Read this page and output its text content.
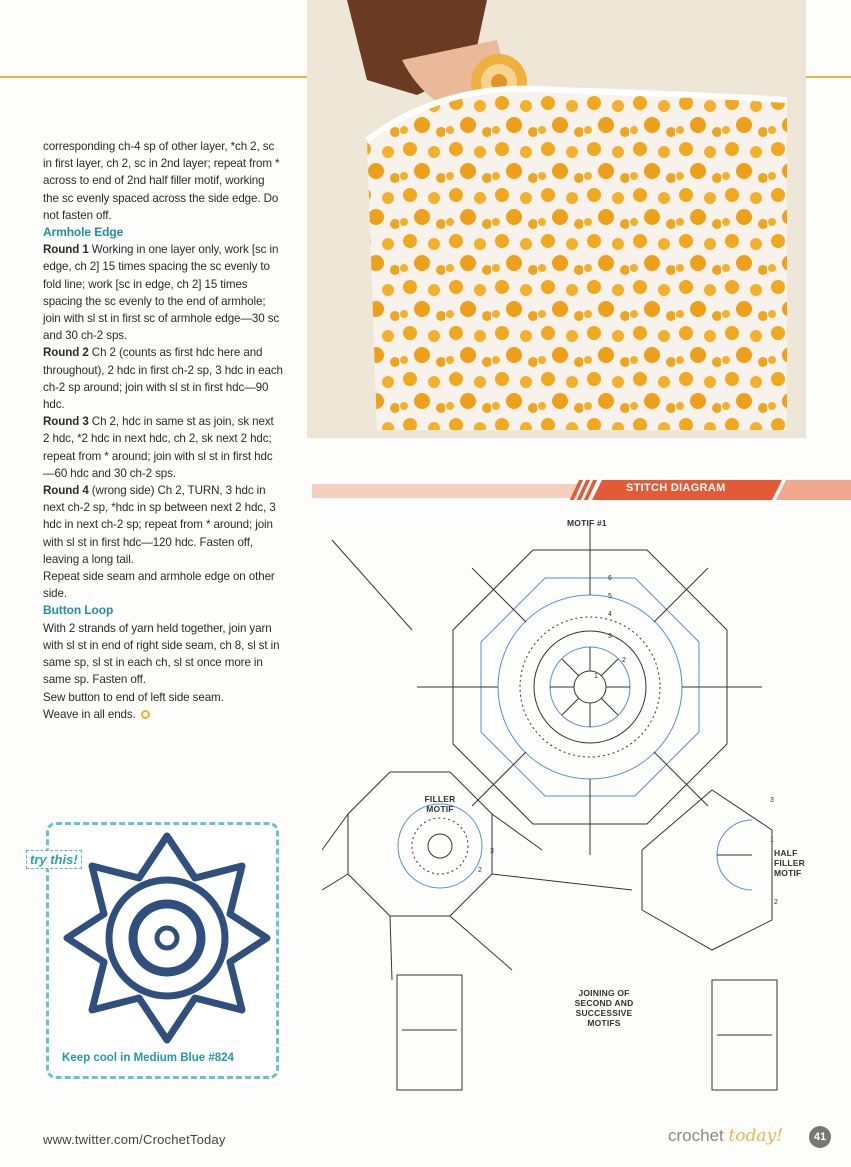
corresponding ch-4 sp of other layer, *ch 2, sc in first layer, ch 2, sc in 2nd layer; repeat from * across to end of 2nd half filler motif, working the sc evenly spaced across the side edge. Do not fasten off.

Armhole Edge

Round 1 Working in one layer only, work [sc in edge, ch 2] 15 times spacing the sc evenly to fold line; work [sc in edge, ch 2] 15 times spacing the sc evenly to the end of armhole; join with sl st in first sc of armhole edge—30 sc and 30 ch-2 sps.

Round 2 Ch 2 (counts as first hdc here and throughout), 2 hdc in first ch-2 sp, 3 hdc in each ch-2 sp around; join with sl st in first hdc—90 hdc.

Round 3 Ch 2, hdc in same st as join, sk next 2 hdc, *2 hdc in next hdc, ch 2, sk next 2 hdc; repeat from * around; join with sl st in first hdc—60 hdc and 30 ch-2 sps.

Round 4 (wrong side) Ch 2, TURN, 3 hdc in next ch-2 sp, *hdc in sp between next 2 hdc, 3 hdc in next ch-2 sp; repeat from * around; join with sl st in first hdc—120 hdc. Fasten off, leaving a long tail.

Repeat side seam and armhole edge on other side.

Button Loop

With 2 strands of yarn held together, join yarn with sl st in end of right side seam, ch 8, sl st in same sp, sl st in each ch, sl st once more in same sp. Fasten off.

Sew button to end of left side seam.

Weave in all ends.

STITCH DIAGRAM
6
5
4
3
2
1
3
2
3
1
2
MOTIF #1
FILLER MOTIF
HALF FILLER MOTIF
JOINING OF SECOND AND SUCCESSIVE MOTIFS
try this!
Keep cool in Medium Blue #824
www.twitter.com/CrochetToday	crochet today!	41
